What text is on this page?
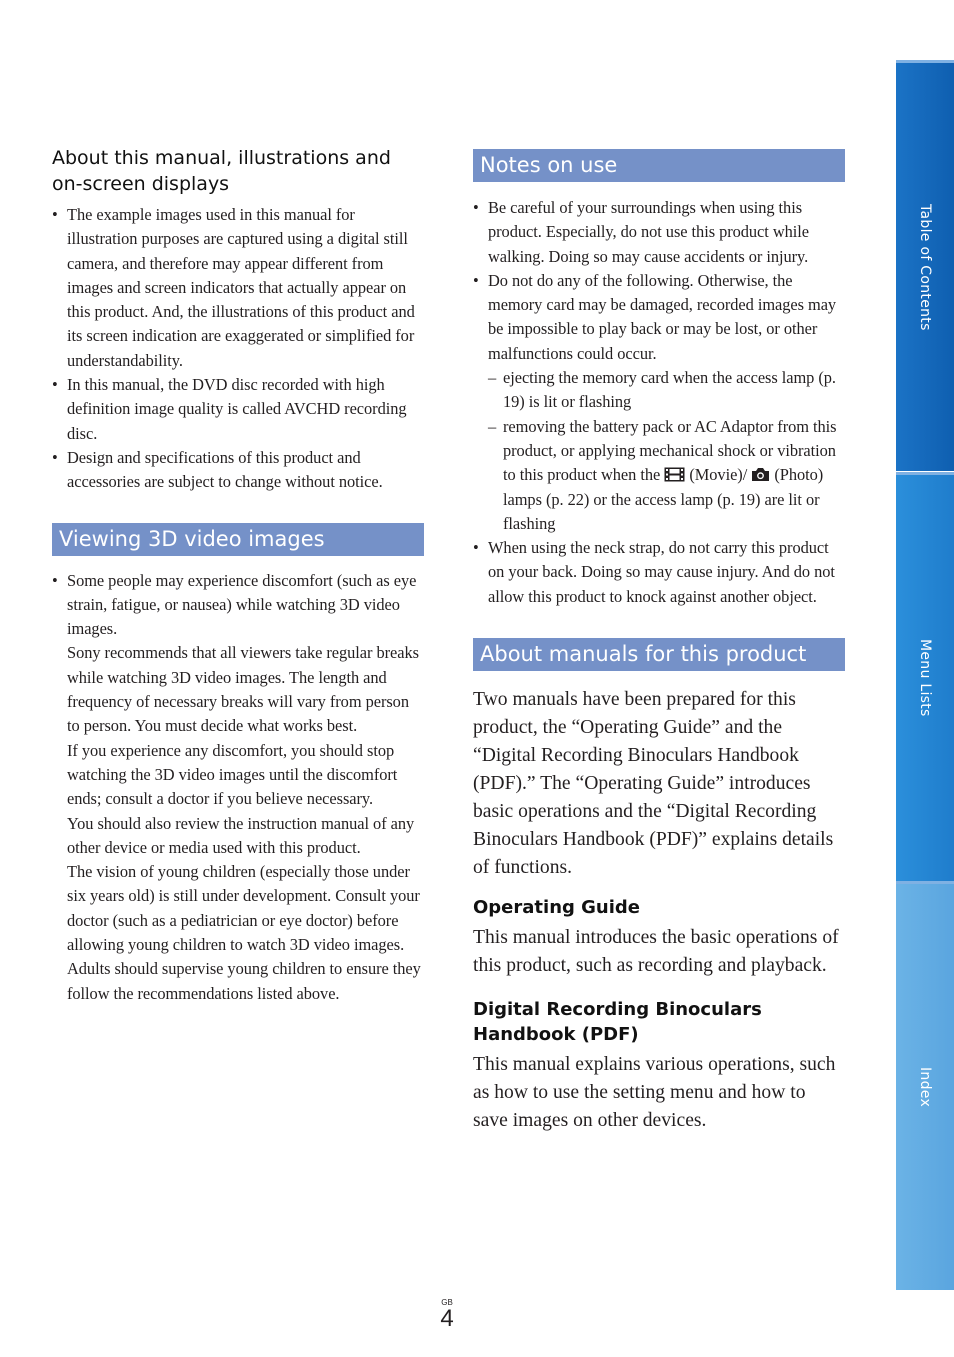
About this manual, illustrations and on-screen displays
• The example images used in this manual for illustration purposes are captured using a digital still camera, and therefore may appear different from images and screen indicators that actually appear on this product. And, the illustrations of this product and its screen indication are exaggerated or simplified for understandability.
• In this manual, the DVD disc recorded with high definition image quality is called AVCHD recording disc.
• Design and specifications of this product and accessories are subject to change without notice.
Viewing 3D video images
• Some people may experience discomfort (such as eye strain, fatigue, or nausea) while watching 3D video images.
Sony recommends that all viewers take regular breaks while watching 3D video images. The length and frequency of necessary breaks will vary from person to person. You must decide what works best.
If you experience any discomfort, you should stop watching the 3D video images until the discomfort ends; consult a doctor if you believe necessary.
You should also review the instruction manual of any other device or media used with this product.
The vision of young children (especially those under six years old) is still under development. Consult your doctor (such as a pediatrician or eye doctor) before allowing young children to watch 3D video images.
Adults should supervise young children to ensure they follow the recommendations listed above.
Notes on use
• Be careful of your surroundings when using this product. Especially, do not use this product while walking. Doing so may cause accidents or injury.
• Do not do any of the following. Otherwise, the memory card may be damaged, recorded images may be impossible to play back or may be lost, or other malfunctions could occur.
– ejecting the memory card when the access lamp (p. 19) is lit or flashing
– removing the battery pack or AC Adaptor from this product, or applying mechanical shock or vibration to this product when the (Movie)/ (Photo) lamps (p. 22) or the access lamp (p. 19) are lit or flashing
• When using the neck strap, do not carry this product on your back. Doing so may cause injury. And do not allow this product to knock against another object.
About manuals for this product

Two manuals have been prepared for this product, the “Operating Guide” and the “Digital Recording Binoculars Handbook (PDF).” The “Operating Guide” introduces basic operations and the “Digital Recording Binoculars Handbook (PDF)” explains details of functions.

Operating Guide

This manual introduces the basic operations of this product, such as recording and playback.

Digital Recording Binoculars Handbook (PDF)

This manual explains various operations, such as how to use the setting menu and how to save images on other devices.

Table of Contents
Menu Lists
Index
GB
4
